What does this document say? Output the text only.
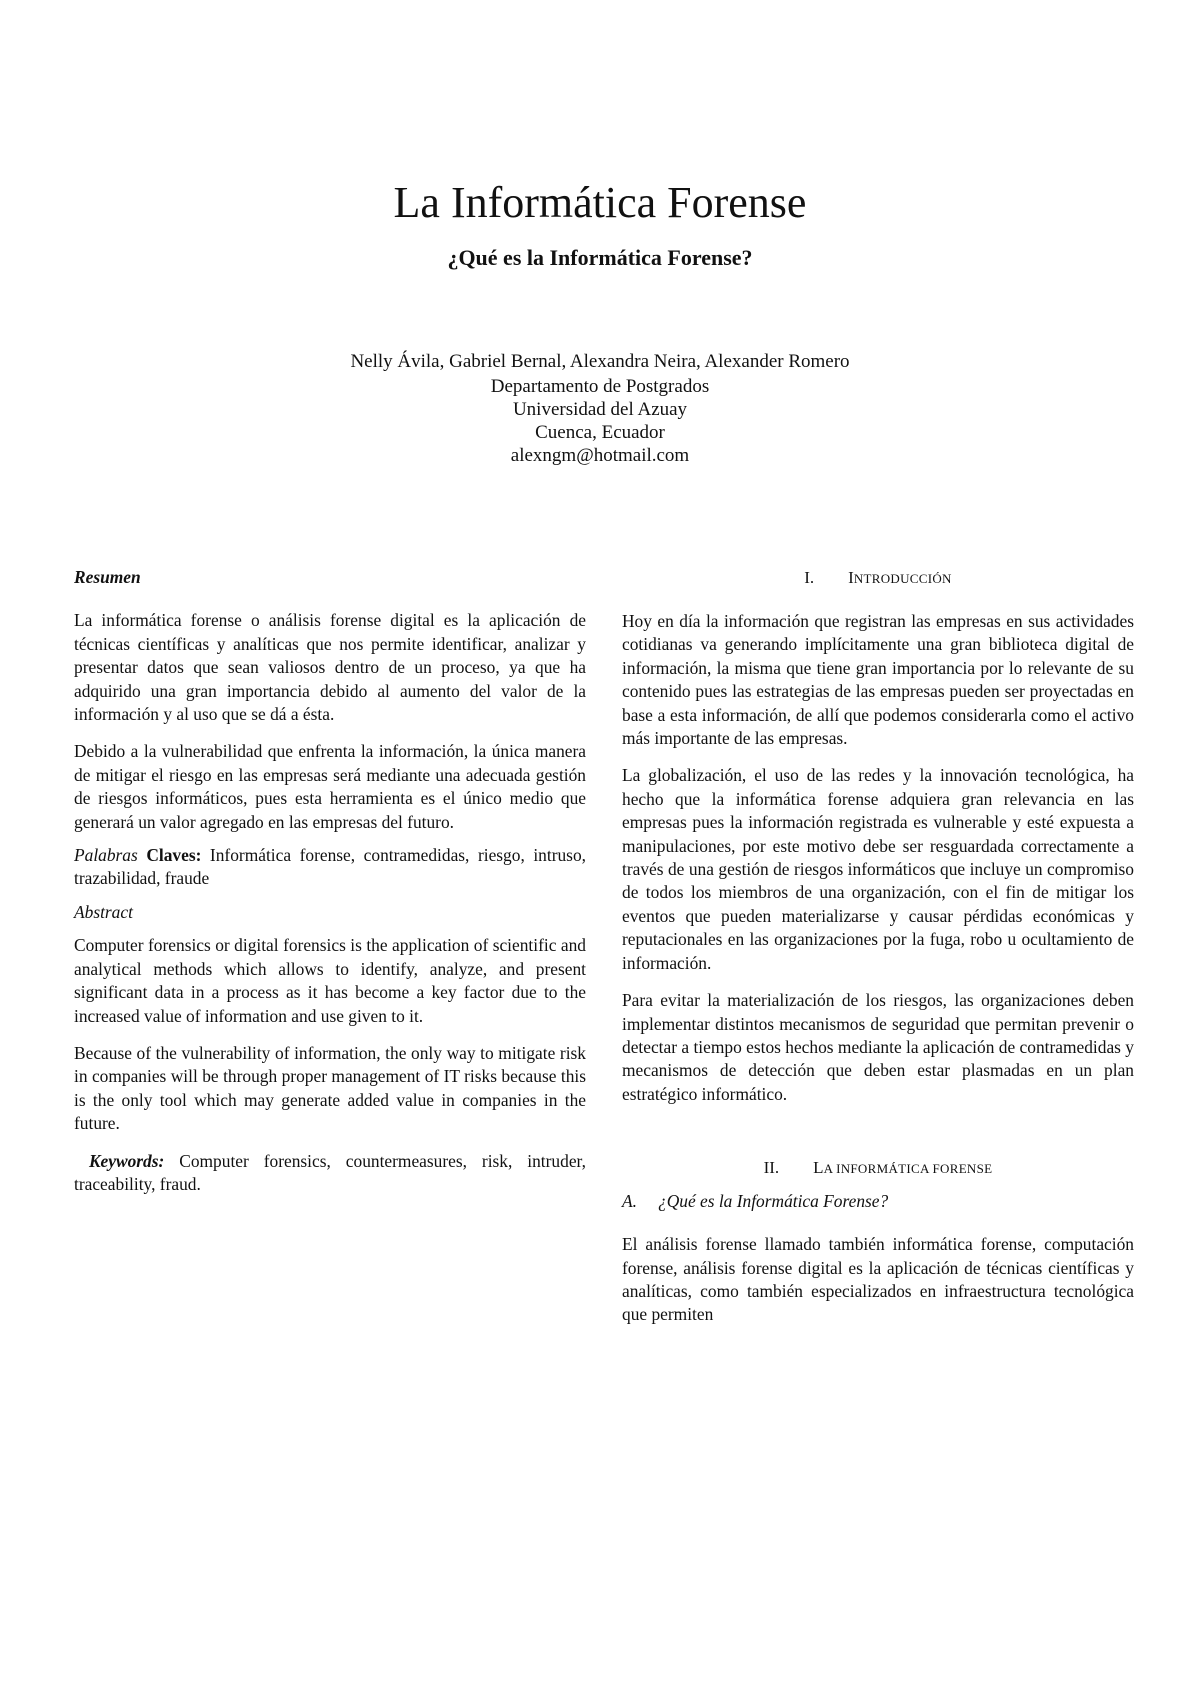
La Informática Forense
¿Qué es la Informática Forense?
Nelly Ávila, Gabriel Bernal, Alexandra Neira, Alexander Romero
Departamento de Postgrados
Universidad del Azuay
Cuenca, Ecuador
alexngm@hotmail.com

Resumen

La informática forense o análisis forense digital es la aplicación de técnicas científicas y analíticas que nos permite identificar, analizar y presentar datos que sean valiosos dentro de un proceso, ya que ha adquirido una gran importancia debido al aumento del valor de la información y al uso que se dá a ésta.

Debido a la vulnerabilidad que enfrenta la información, la única manera de mitigar el riesgo en las empresas será mediante una adecuada gestión de riesgos informáticos, pues esta herramienta es el único medio que generará un valor agregado en las empresas del futuro.

Palabras Claves: Informática forense, contramedidas, riesgo, intruso, trazabilidad, fraude

Abstract

Computer forensics or digital forensics is the application of scientific and analytical methods which allows to identify, analyze, and present significant data in a process as it has become a key factor due to the increased value of information and use given to it.

Because of the vulnerability of information, the only way to mitigate risk in companies will be through proper management of IT risks because this is the only tool which may generate added value in companies in the future.

Keywords: Computer forensics, countermeasures, risk, intruder, traceability, fraud.

I. INTRODUCCIÓN

Hoy en día la información que registran las empresas en sus actividades cotidianas va generando implícitamente una gran biblioteca digital de información, la misma que tiene gran importancia por lo relevante de su contenido pues las estrategias de las empresas pueden ser proyectadas en base a esta información, de allí que podemos considerarla como el activo más importante de las empresas.

La globalización, el uso de las redes y la innovación tecnológica, ha hecho que la informática forense adquiera gran relevancia en las empresas pues la información registrada es vulnerable y esté expuesta a manipulaciones, por este motivo debe ser resguardada correctamente a través de una gestión de riesgos informáticos que incluye un compromiso de todos los miembros de una organización, con el fin de mitigar los eventos que pueden materializarse y causar pérdidas económicas y reputacionales en las organizaciones por la fuga, robo u ocultamiento de información.

Para evitar la materialización de los riesgos, las organizaciones deben implementar distintos mecanismos de seguridad que permitan prevenir o detectar a tiempo estos hechos mediante la aplicación de contramedidas y mecanismos de detección que deben estar plasmadas en un plan estratégico informático.

II. LA INFORMÁTICA FORENSE
A. ¿Qué es la Informática Forense?

El análisis forense llamado también informática forense, computación forense, análisis forense digital es la aplicación de técnicas científicas y analíticas, como también especializados en infraestructura tecnológica que permiten
